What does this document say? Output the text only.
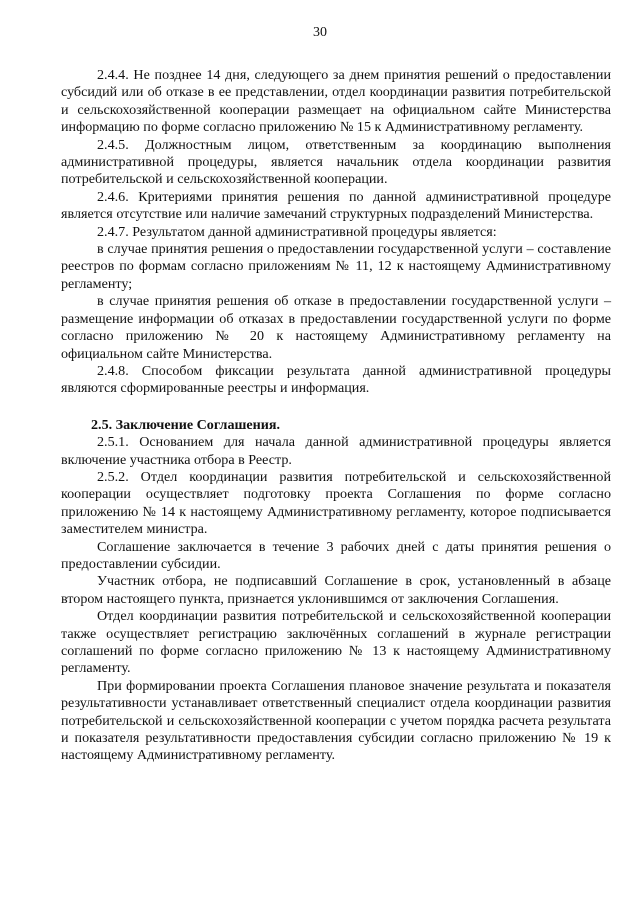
30

2.4.4. Не позднее 14 дня, следующего за днем принятия решений о предоставлении субсидий или об отказе в ее представлении, отдел координации развития потребительской и сельскохозяйственной кооперации размещает на официальном сайте Министерства информацию по форме согласно приложению № 15 к Административному регламенту.

2.4.5. Должностным лицом, ответственным за координацию выполнения административной процедуры, является начальник отдела координации развития потребительской и сельскохозяйственной кооперации.

2.4.6. Критериями принятия решения по данной административной процедуре является отсутствие или наличие замечаний структурных подразделений Министерства.

2.4.7. Результатом данной административной процедуры является:

в случае принятия решения о предоставлении государственной услуги – составление реестров по формам согласно приложениям № 11, 12 к настоящему Административному регламенту;

в случае принятия решения об отказе в предоставлении государственной услуги – размещение информации об отказах в предоставлении государственной услуги по форме согласно приложению № 20 к настоящему Административному регламенту на официальном сайте Министерства.

2.4.8. Способом фиксации результата данной административной процедуры являются сформированные реестры и информация.

2.5. Заключение Соглашения.

2.5.1. Основанием для начала данной административной процедуры является включение участника отбора в Реестр.

2.5.2. Отдел координации развития потребительской и сельскохозяйственной кооперации осуществляет подготовку проекта Соглашения по форме согласно приложению № 14 к настоящему Административному регламенту, которое подписывается заместителем министра.

Соглашение заключается в течение 3 рабочих дней с даты принятия решения о предоставлении субсидии.

Участник отбора, не подписавший Соглашение в срок, установленный в абзаце втором настоящего пункта, признается уклонившимся от заключения Соглашения.

Отдел координации развития потребительской и сельскохозяйственной кооперации также осуществляет регистрацию заключённых соглашений в журнале регистрации соглашений по форме согласно приложению № 13 к настоящему Административному регламенту.

При формировании проекта Соглашения плановое значение результата и показателя результативности устанавливает ответственный специалист отдела координации развития потребительской и сельскохозяйственной кооперации с учетом порядка расчета результата и показателя результативности предоставления субсидии согласно приложению № 19 к настоящему Административному регламенту.
